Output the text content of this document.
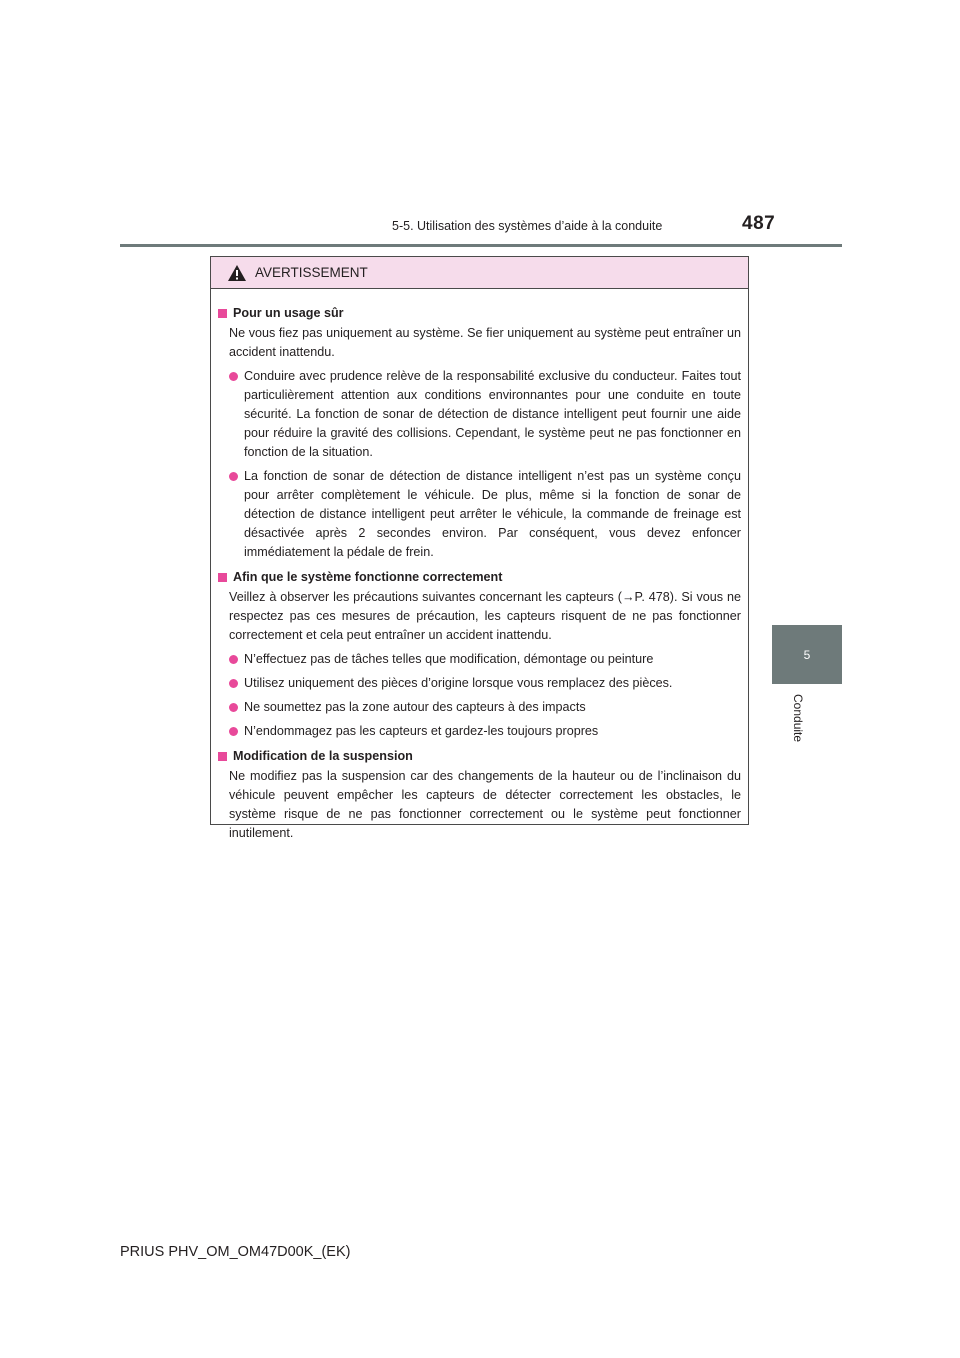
5-5. Utilisation des systèmes d’aide à la conduite	487
5
Conduite
AVERTISSEMENT
Pour un usage sûr
Ne vous fiez pas uniquement au système. Se fier uniquement au système peut entraîner un accident inattendu.
Conduire avec prudence relève de la responsabilité exclusive du conducteur. Faites tout particulièrement attention aux conditions environnantes pour une conduite en toute sécurité. La fonction de sonar de détection de distance intelligent peut fournir une aide pour réduire la gravité des collisions. Cependant, le système peut ne pas fonctionner en fonction de la situation.
La fonction de sonar de détection de distance intelligent n’est pas un système conçu pour arrêter complètement le véhicule. De plus, même si la fonction de sonar de détection de distance intelligent peut arrêter le véhicule, la commande de freinage est désactivée après 2 secondes environ. Par conséquent, vous devez enfoncer immédiatement la pédale de frein.
Afin que le système fonctionne correctement
Veillez à observer les précautions suivantes concernant les capteurs (→P. 478). Si vous ne respectez pas ces mesures de précaution, les capteurs risquent de ne pas fonctionner correctement et cela peut entraîner un accident inattendu.
N’effectuez pas de tâches telles que modification, démontage ou peinture
Utilisez uniquement des pièces d’origine lorsque vous remplacez des pièces.
Ne soumettez pas la zone autour des capteurs à des impacts
N’endommagez pas les capteurs et gardez-les toujours propres
Modification de la suspension
Ne modifiez pas la suspension car des changements de la hauteur ou de l’inclinaison du véhicule peuvent empêcher les capteurs de détecter correctement les obstacles, le système risque de ne pas fonctionner correctement ou le système peut fonctionner inutilement.
PRIUS PHV_OM_OM47D00K_(EK)
